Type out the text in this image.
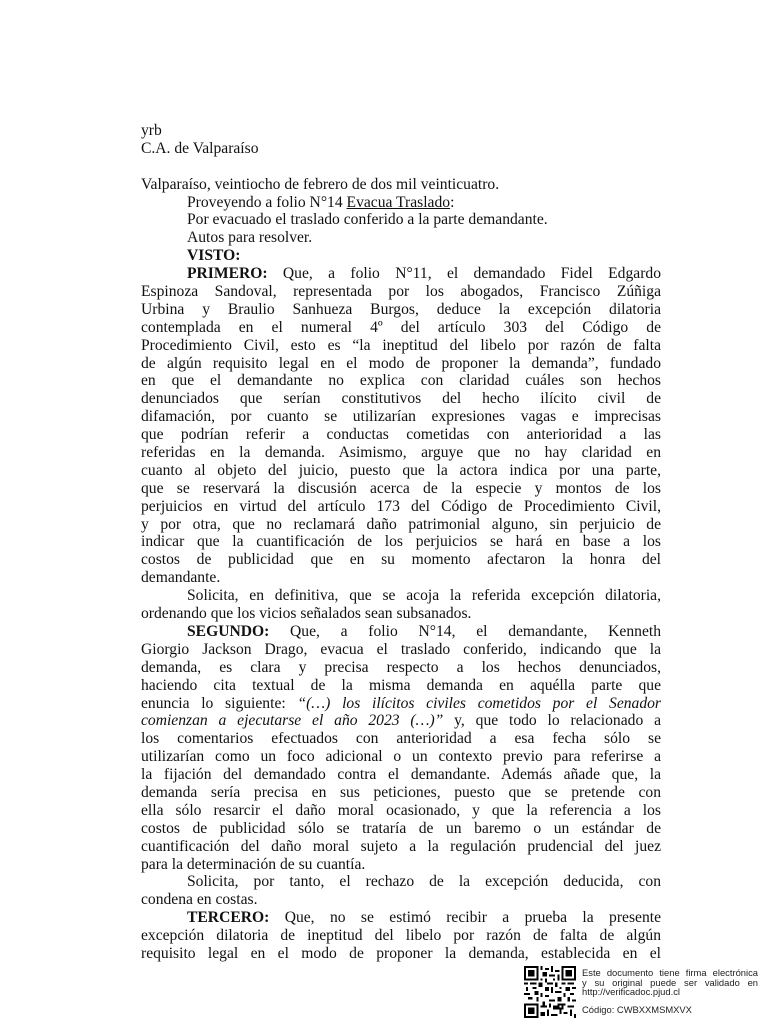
yrb
C.A. de Valparaíso
Valparaíso, veintiocho de febrero de dos mil veinticuatro.
Proveyendo a folio N°14 Evacua Traslado:
Por evacuado el traslado conferido a la parte demandante.
Autos para resolver.
VISTO:
PRIMERO: Que, a folio N°11, el demandado Fidel Edgardo
Espinoza Sandoval, representada por los abogados, Francisco Zúñiga
Urbina y Braulio Sanhueza Burgos, deduce la excepción dilatoria
contemplada en el numeral 4º del artículo 303 del Código de
Procedimiento Civil, esto es “la ineptitud del libelo por razón de falta
de algún requisito legal en el modo de proponer la demanda”, fundado
en que el demandante no explica con claridad cuáles son hechos
denunciados que serían constitutivos del hecho ilícito civil de
difamación, por cuanto se utilizarían expresiones vagas e imprecisas
que podrían referir a conductas cometidas con anterioridad a las
referidas en la demanda. Asimismo, arguye que no hay claridad en
cuanto al objeto del juicio, puesto que la actora indica por una parte,
que se reservará la discusión acerca de la especie y montos de los
perjuicios en virtud del artículo 173 del Código de Procedimiento Civil,
y por otra, que no reclamará daño patrimonial alguno, sin perjuicio de
indicar que la cuantificación de los perjuicios se hará en base a los
costos de publicidad que en su momento afectaron la honra del
demandante.
Solicita, en definitiva, que se acoja la referida excepción dilatoria,
ordenando que los vicios señalados sean subsanados.
SEGUNDO: Que, a folio N°14, el demandante, Kenneth
Giorgio Jackson Drago, evacua el traslado conferido, indicando que la
demanda, es clara y precisa respecto a los hechos denunciados,
haciendo cita textual de la misma demanda en aquélla parte que
enuncia lo siguiente: “(…) los ilícitos civiles cometidos por el Senador
comienzan a ejecutarse el año 2023 (…)” y, que todo lo relacionado a
los comentarios efectuados con anterioridad a esa fecha sólo se
utilizarían como un foco adicional o un contexto previo para referirse a
la fijación del demandado contra el demandante. Además añade que, la
demanda sería precisa en sus peticiones, puesto que se pretende con
ella sólo resarcir el daño moral ocasionado, y que la referencia a los
costos de publicidad sólo se trataría de un baremo o un estándar de
cuantificación del daño moral sujeto a la regulación prudencial del juez
para la determinación de su cuantía.
Solicita, por tanto, el rechazo de la excepción deducida, con
condena en costas.
TERCERO: Que, no se estimó recibir a prueba la presente
excepción dilatoria de ineptitud del libelo por razón de falta de algún
requisito legal en el modo de proponer la demanda, establecida en el
Este documento tiene firma electrónica
y su original puede ser validado en
http://verificadoc.pjud.cl
Código: CWBXXMSMXVX
